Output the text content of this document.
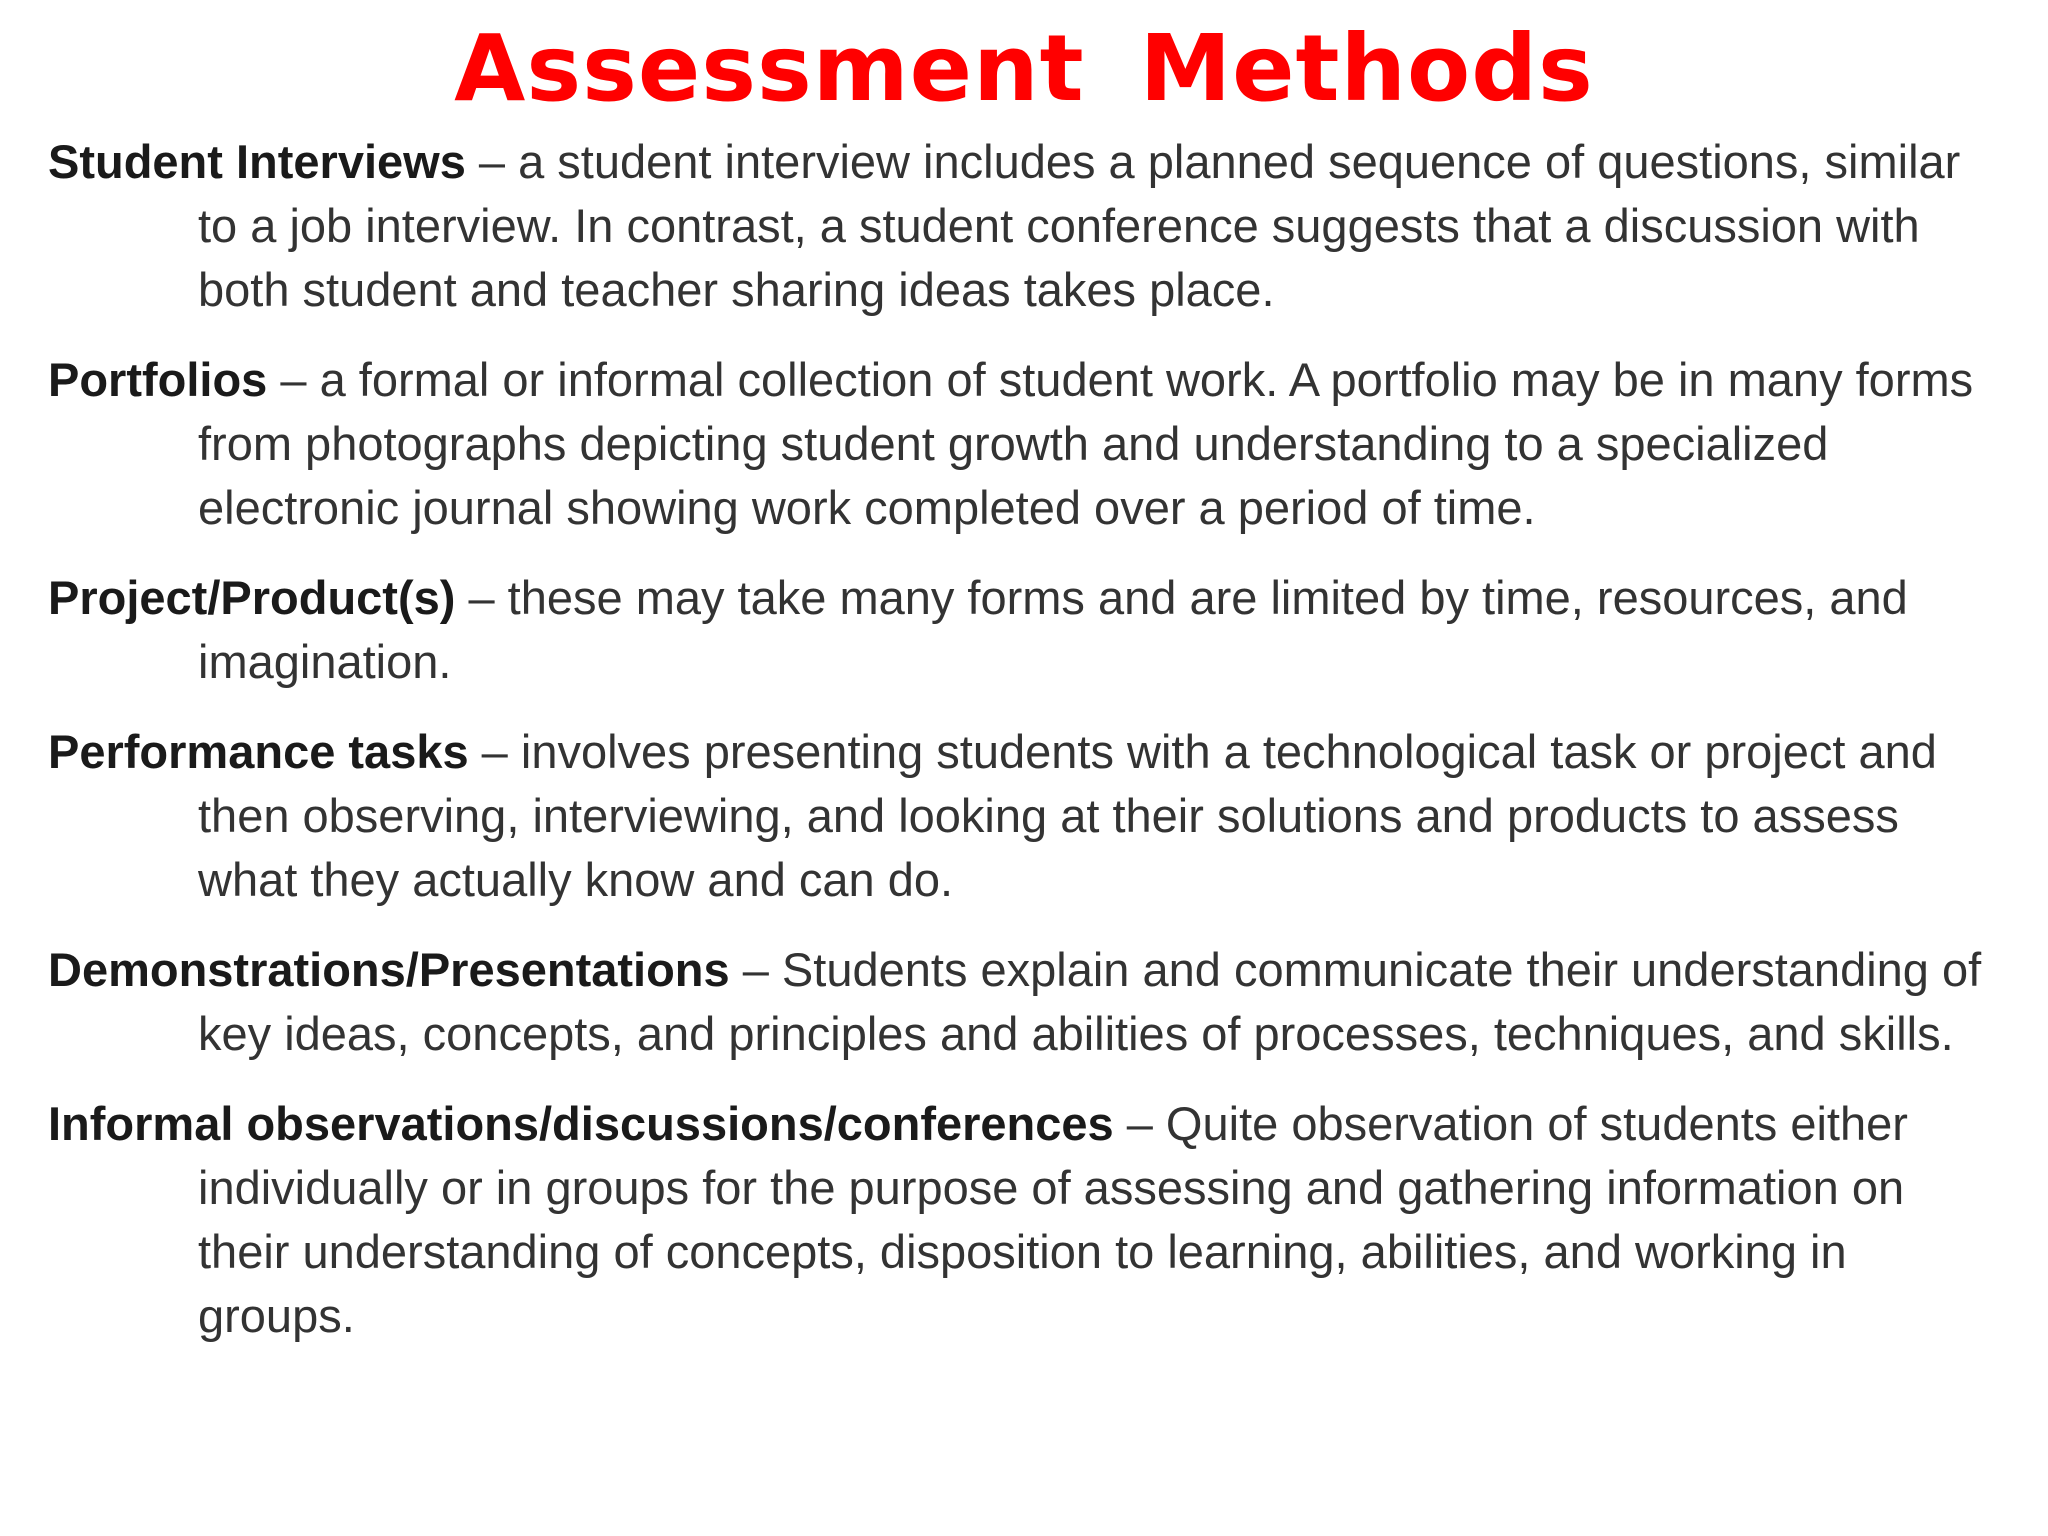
Assessment Methods

Student Interviews – a student interview includes a planned sequence of questions, similar to a job interview. In contrast, a student conference suggests that a discussion with both student and teacher sharing ideas takes place.

Portfolios – a formal or informal collection of student work. A portfolio may be in many forms from photographs depicting student growth and understanding to a specialized electronic journal showing work completed over a period of time.

Project/Product(s) – these may take many forms and are limited by time, resources, and imagination.

Performance tasks – involves presenting students with a technological task or project and then observing, interviewing, and looking at their solutions and products to assess what they actually know and can do.

Demonstrations/Presentations – Students explain and communicate their understanding of key ideas, concepts, and principles and abilities of processes, techniques, and skills.

Informal observations/discussions/conferences – Quite observation of students either individually or in groups for the purpose of assessing and gathering information on their understanding of concepts, disposition to learning, abilities, and working in groups.
